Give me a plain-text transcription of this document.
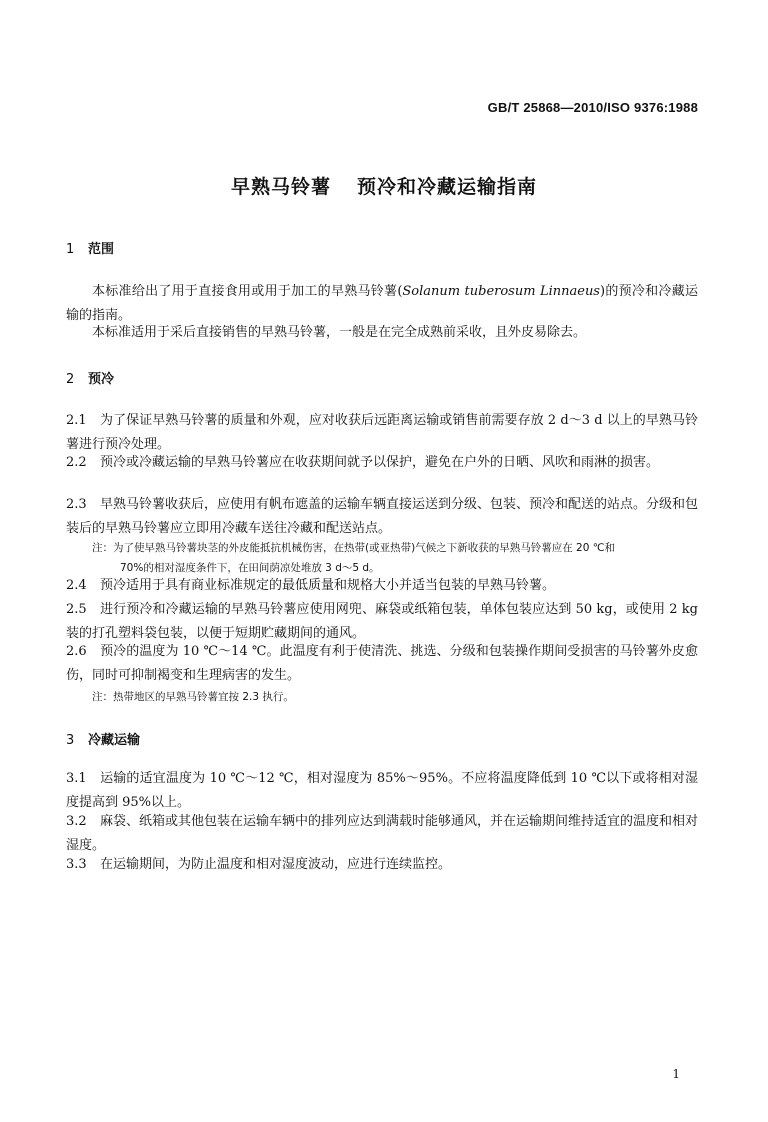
GB/T 25868—2010/ISO 9376:1988
早熟马铃薯 预冷和冷藏运输指南
1 范围
本标准给出了用于直接食用或用于加工的早熟马铃薯(Solanum tuberosum Linnaeus)的预冷和冷藏运输的指南。
本标准适用于采后直接销售的早熟马铃薯，一般是在完全成熟前采收，且外皮易除去。
2 预冷
2.1 为了保证早熟马铃薯的质量和外观，应对收获后远距离运输或销售前需要存放 2 d～3 d 以上的早熟马铃薯进行预冷处理。
2.2 预冷或冷藏运输的早熟马铃薯应在收获期间就予以保护，避免在户外的日晒、风吹和雨淋的损害。
2.3 早熟马铃薯收获后，应使用有帆布遮盖的运输车辆直接运送到分级、包装、预冷和配送的站点。分级和包装后的早熟马铃薯应立即用冷藏车送往冷藏和配送站点。
注：为了使早熟马铃薯块茎的外皮能抵抗机械伤害，在热带(或亚热带)气候之下新收获的早熟马铃薯应在 20 ℃和
70%的相对湿度条件下，在田间荫凉处堆放 3 d～5 d。
2.4 预冷适用于具有商业标准规定的最低质量和规格大小并适当包装的早熟马铃薯。
2.5 进行预冷和冷藏运输的早熟马铃薯应使用网兜、麻袋或纸箱包装，单体包装应达到 50 kg，或使用 2 kg 装的打孔塑料袋包装，以便于短期贮藏期间的通风。
2.6 预冷的温度为 10 ℃～14 ℃。此温度有利于使清洗、挑选、分级和包装操作期间受损害的马铃薯外皮愈伤，同时可抑制褐变和生理病害的发生。
注：热带地区的早熟马铃薯宜按 2.3 执行。
3 冷藏运输
3.1 运输的适宜温度为 10 ℃～12 ℃，相对湿度为 85%～95%。不应将温度降低到 10 ℃以下或将相对湿度提高到 95%以上。
3.2 麻袋、纸箱或其他包装在运输车辆中的排列应达到满载时能够通风，并在运输期间维持适宜的温度和相对湿度。
3.3 在运输期间，为防止温度和相对湿度波动，应进行连续监控。
1
